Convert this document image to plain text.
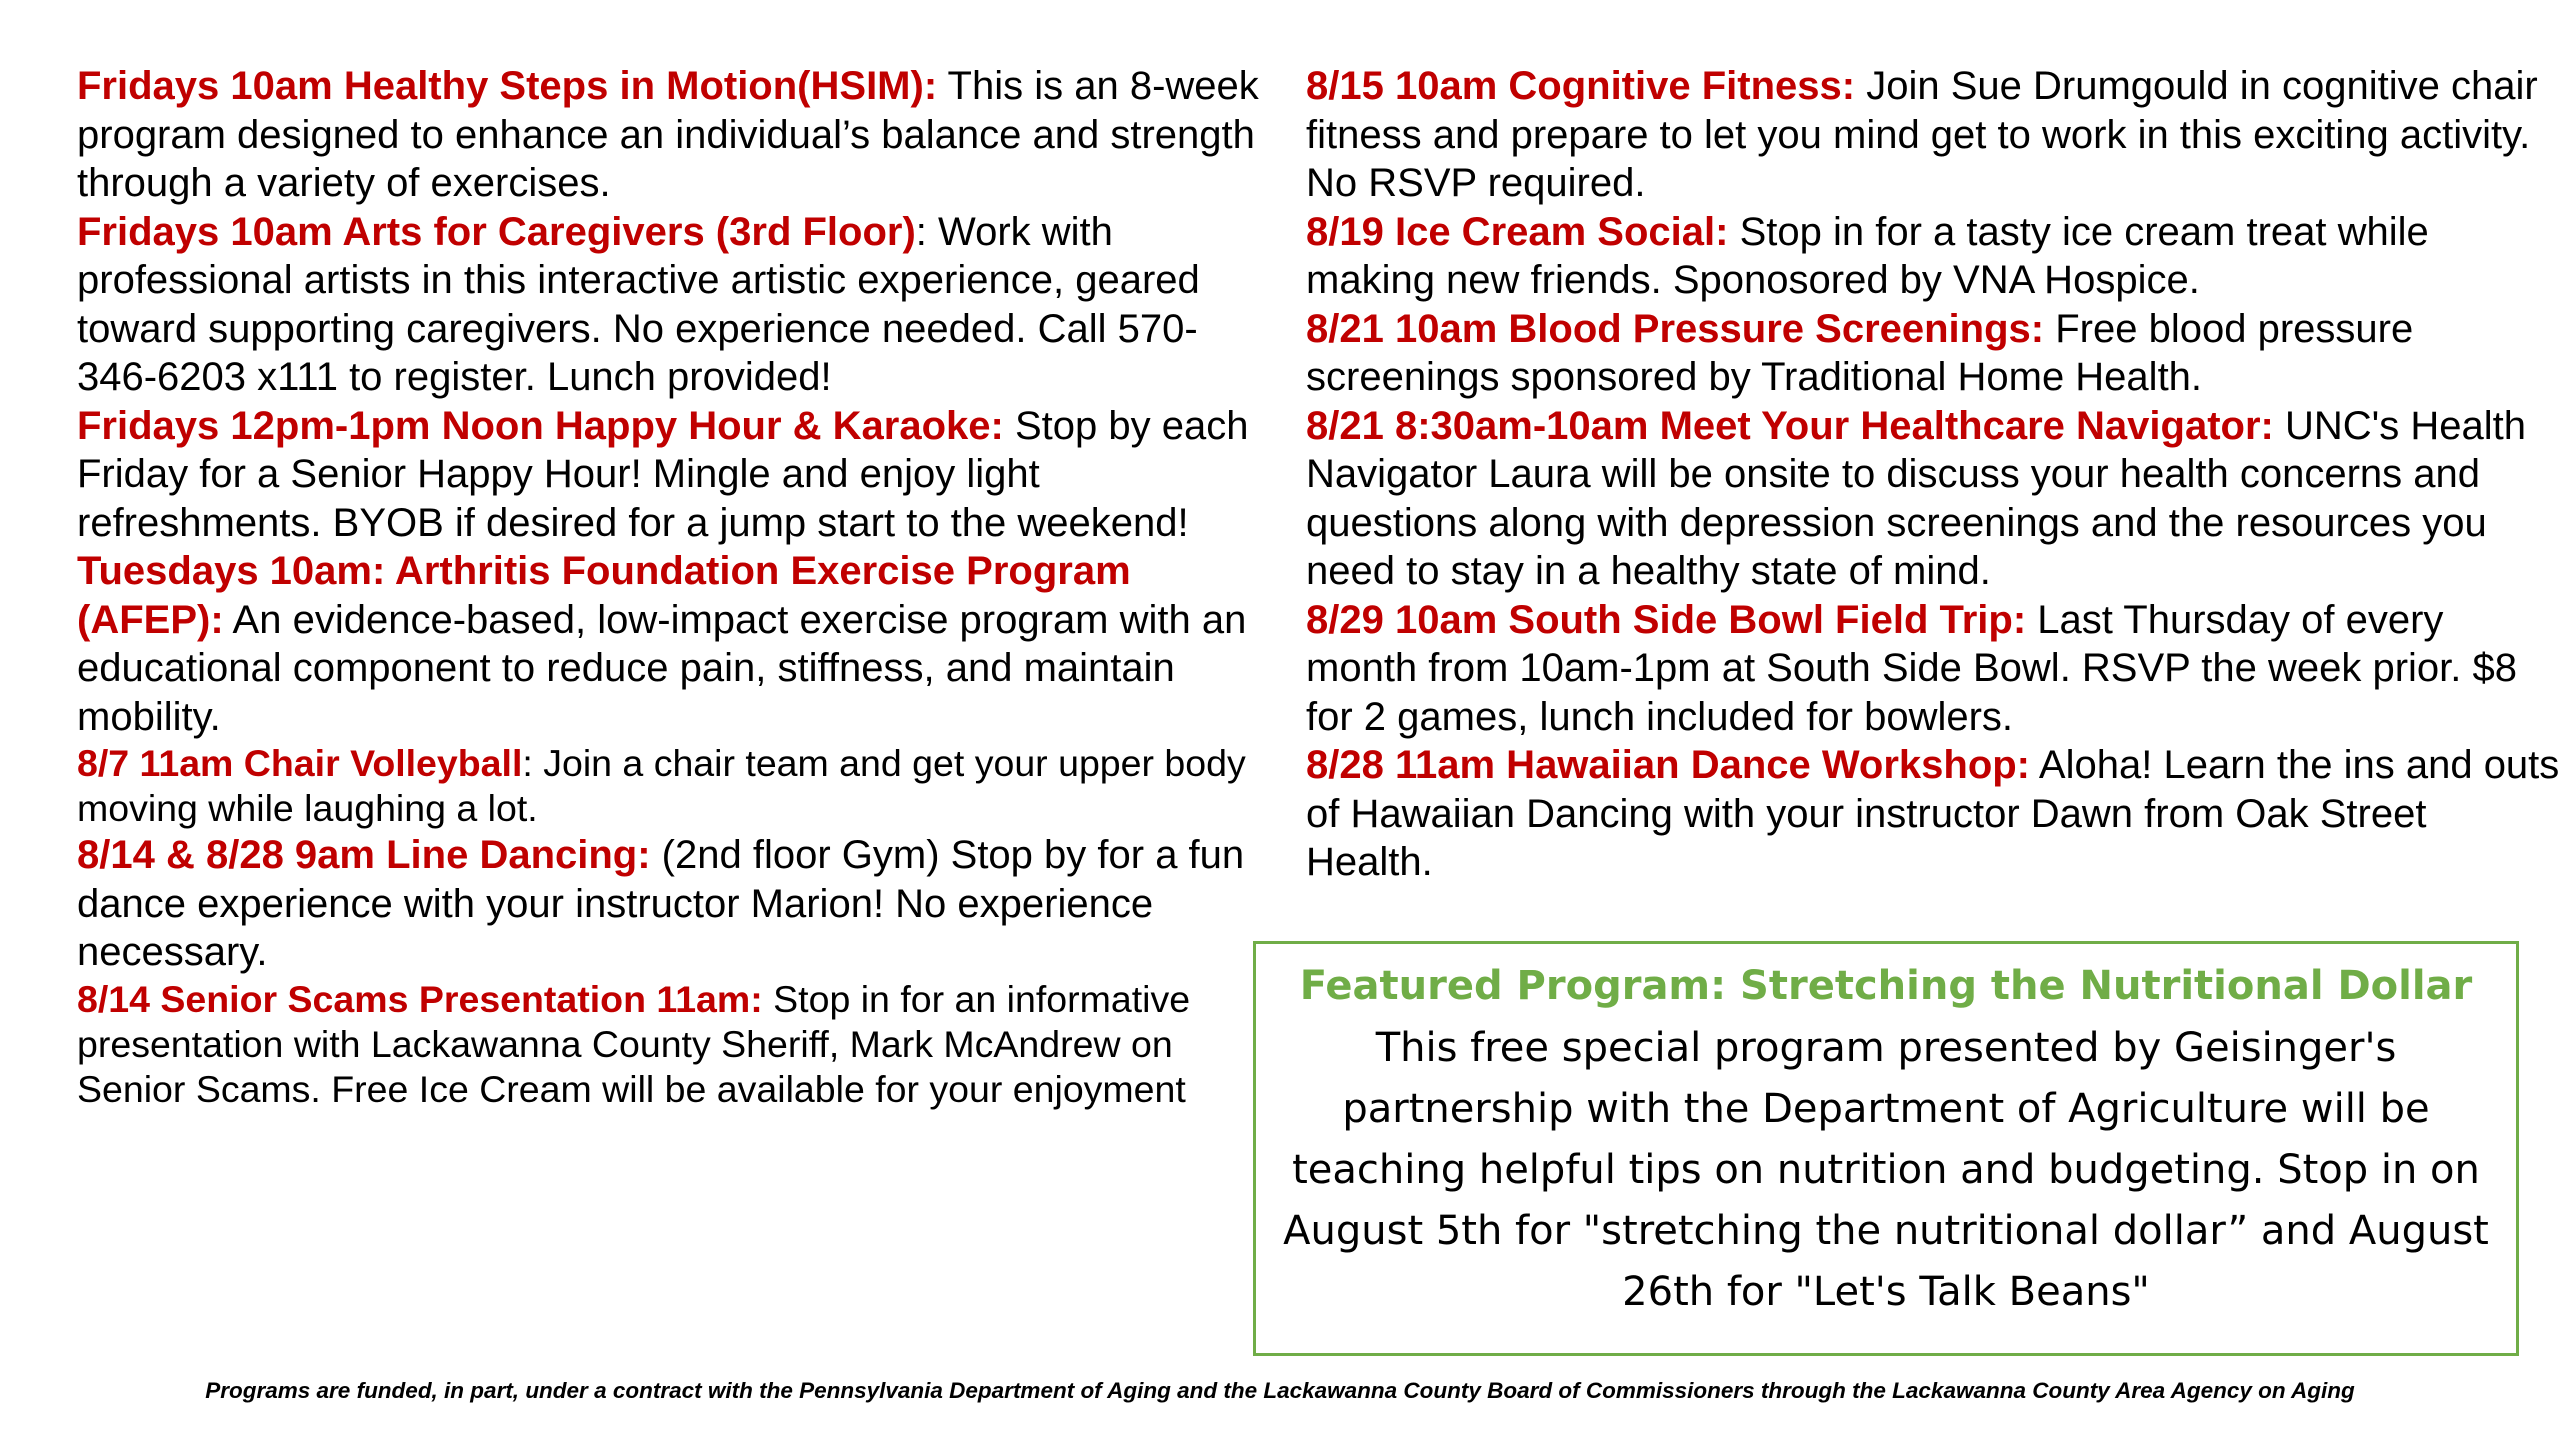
Fridays 10am Healthy Steps in Motion(HSIM): This is an 8-week program designed to enhance an individual’s balance and strength through a variety of exercises.

Fridays 10am Arts for Caregivers (3rd Floor): Work with professional artists in this interactive artistic experience, geared toward supporting caregivers. No experience needed. Call 570-346-6203 x111 to register. Lunch provided!

Fridays 12pm-1pm Noon Happy Hour & Karaoke: Stop by each Friday for a Senior Happy Hour! Mingle and enjoy light refreshments. BYOB if desired for a jump start to the weekend!

Tuesdays 10am: Arthritis Foundation Exercise Program (AFEP): An evidence-based, low-impact exercise program with an educational component to reduce pain, stiffness, and maintain mobility.

8/7 11am Chair Volleyball: Join a chair team and get your upper body moving while laughing a lot.

8/14 & 8/28 9am Line Dancing: (2nd floor Gym) Stop by for a fun dance experience with your instructor Marion! No experience necessary.

8/14 Senior Scams Presentation 11am: Stop in for an informative presentation with Lackawanna County Sheriff, Mark McAndrew on Senior Scams. Free Ice Cream will be available for your enjoyment

8/15 10am Cognitive Fitness: Join Sue Drumgould in cognitive chair fitness and prepare to let you mind get to work in this exciting activity. No RSVP required.

8/19 Ice Cream Social: Stop in for a tasty ice cream treat while making new friends. Sponosored by VNA Hospice.

8/21 10am Blood Pressure Screenings: Free blood pressure screenings sponsored by Traditional Home Health.

8/21 8:30am-10am Meet Your Healthcare Navigator: UNC's Health Navigator Laura will be onsite to discuss your health concerns and questions along with depression screenings and the resources you need to stay in a healthy state of mind.

8/29 10am South Side Bowl Field Trip: Last Thursday of every month from 10am-1pm at South Side Bowl. RSVP the week prior. $8 for 2 games, lunch included for bowlers.

8/28 11am Hawaiian Dance Workshop: Aloha! Learn the ins and outs of Hawaiian Dancing with your instructor Dawn from Oak Street Health.

Featured Program: Stretching the Nutritional Dollar
This free special program presented by Geisinger's partnership with the Department of Agriculture will be teaching helpful tips on nutrition and budgeting. Stop in on August 5th for "stretching the nutritional dollar” and August 26th for "Let's Talk Beans"
Programs are funded, in part, under a contract with the Pennsylvania Department of Aging and the Lackawanna County Board of Commissioners through the Lackawanna County Area Agency on Aging
